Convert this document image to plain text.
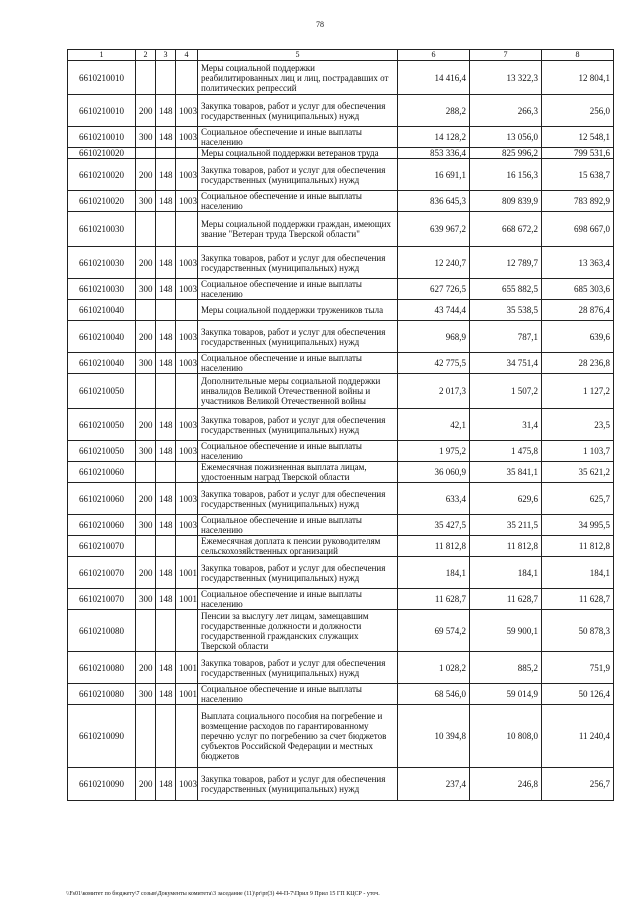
78
1	2	3	4	5	6	7	8
6610210010				Меры социальной поддержки реабилитированных лиц и лиц, пострадавших от политических репрессий	14 416,4	13 322,3	12 804,1
6610210010	200	148	1003	Закупка товаров, работ и услуг для обеспечения государственных (муниципальных) нужд	288,2	266,3	256,0
6610210010	300	148	1003	Социальное обеспечение и иные выплаты населению	14 128,2	13 056,0	12 548,1
6610210020				Меры социальной поддержки ветеранов труда	853 336,4	825 996,2	799 531,6
6610210020	200	148	1003	Закупка товаров, работ и услуг для обеспечения государственных (муниципальных) нужд	16 691,1	16 156,3	15 638,7
6610210020	300	148	1003	Социальное обеспечение и иные выплаты населению	836 645,3	809 839,9	783 892,9
6610210030				Меры социальной поддержки граждан, имеющих звание "Ветеран труда Тверской области"	639 967,2	668 672,2	698 667,0
6610210030	200	148	1003	Закупка товаров, работ и услуг для обеспечения государственных (муниципальных) нужд	12 240,7	12 789,7	13 363,4
6610210030	300	148	1003	Социальное обеспечение и иные выплаты населению	627 726,5	655 882,5	685 303,6
6610210040				Меры социальной поддержки тружеников тыла	43 744,4	35 538,5	28 876,4
6610210040	200	148	1003	Закупка товаров, работ и услуг для обеспечения государственных (муниципальных) нужд	968,9	787,1	639,6
6610210040	300	148	1003	Социальное обеспечение и иные выплаты населению	42 775,5	34 751,4	28 236,8
6610210050				Дополнительные меры социальной поддержки инвалидов Великой Отечественной войны и участников Великой Отечественной войны	2 017,3	1 507,2	1 127,2
6610210050	200	148	1003	Закупка товаров, работ и услуг для обеспечения государственных (муниципальных) нужд	42,1	31,4	23,5
6610210050	300	148	1003	Социальное обеспечение и иные выплаты населению	1 975,2	1 475,8	1 103,7
6610210060				Ежемесячная пожизненная выплата лицам, удостоенным наград Тверской области	36 060,9	35 841,1	35 621,2
6610210060	200	148	1003	Закупка товаров, работ и услуг для обеспечения государственных (муниципальных) нужд	633,4	629,6	625,7
6610210060	300	148	1003	Социальное обеспечение и иные выплаты населению	35 427,5	35 211,5	34 995,5
6610210070				Ежемесячная доплата к пенсии руководителям сельскохозяйственных организаций	11 812,8	11 812,8	11 812,8
6610210070	200	148	1001	Закупка товаров, работ и услуг для обеспечения государственных (муниципальных) нужд	184,1	184,1	184,1
6610210070	300	148	1001	Социальное обеспечение и иные выплаты населению	11 628,7	11 628,7	11 628,7
6610210080				Пенсии за выслугу лет лицам, замещавшим государственные должности и должности государственной гражданских служащих Тверской области	69 574,2	59 900,1	50 878,3
6610210080	200	148	1001	Закупка товаров, работ и услуг для обеспечения государственных (муниципальных) нужд	1 028,2	885,2	751,9
6610210080	300	148	1001	Социальное обеспечение и иные выплаты населению	68 546,0	59 014,9	50 126,4
6610210090				Выплата социального пособия на погребение и возмещение расходов по гарантированному перечню услуг по погребению за счет бюджетов субъектов Российской Федерации и местных бюджетов	10 394,8	10 808,0	11 240,4
6610210090	200	148	1003	Закупка товаров, работ и услуг для обеспечения государственных (муниципальных) нужд	237,4	246,8	256,7
\\Fs01\комитет по бюджету\7 созыв\Документы комитета\3 заседание (11)\pr\pr(3) 44-П-7\Прил 9 Прил 15 ГП КЦСР - уточ.
